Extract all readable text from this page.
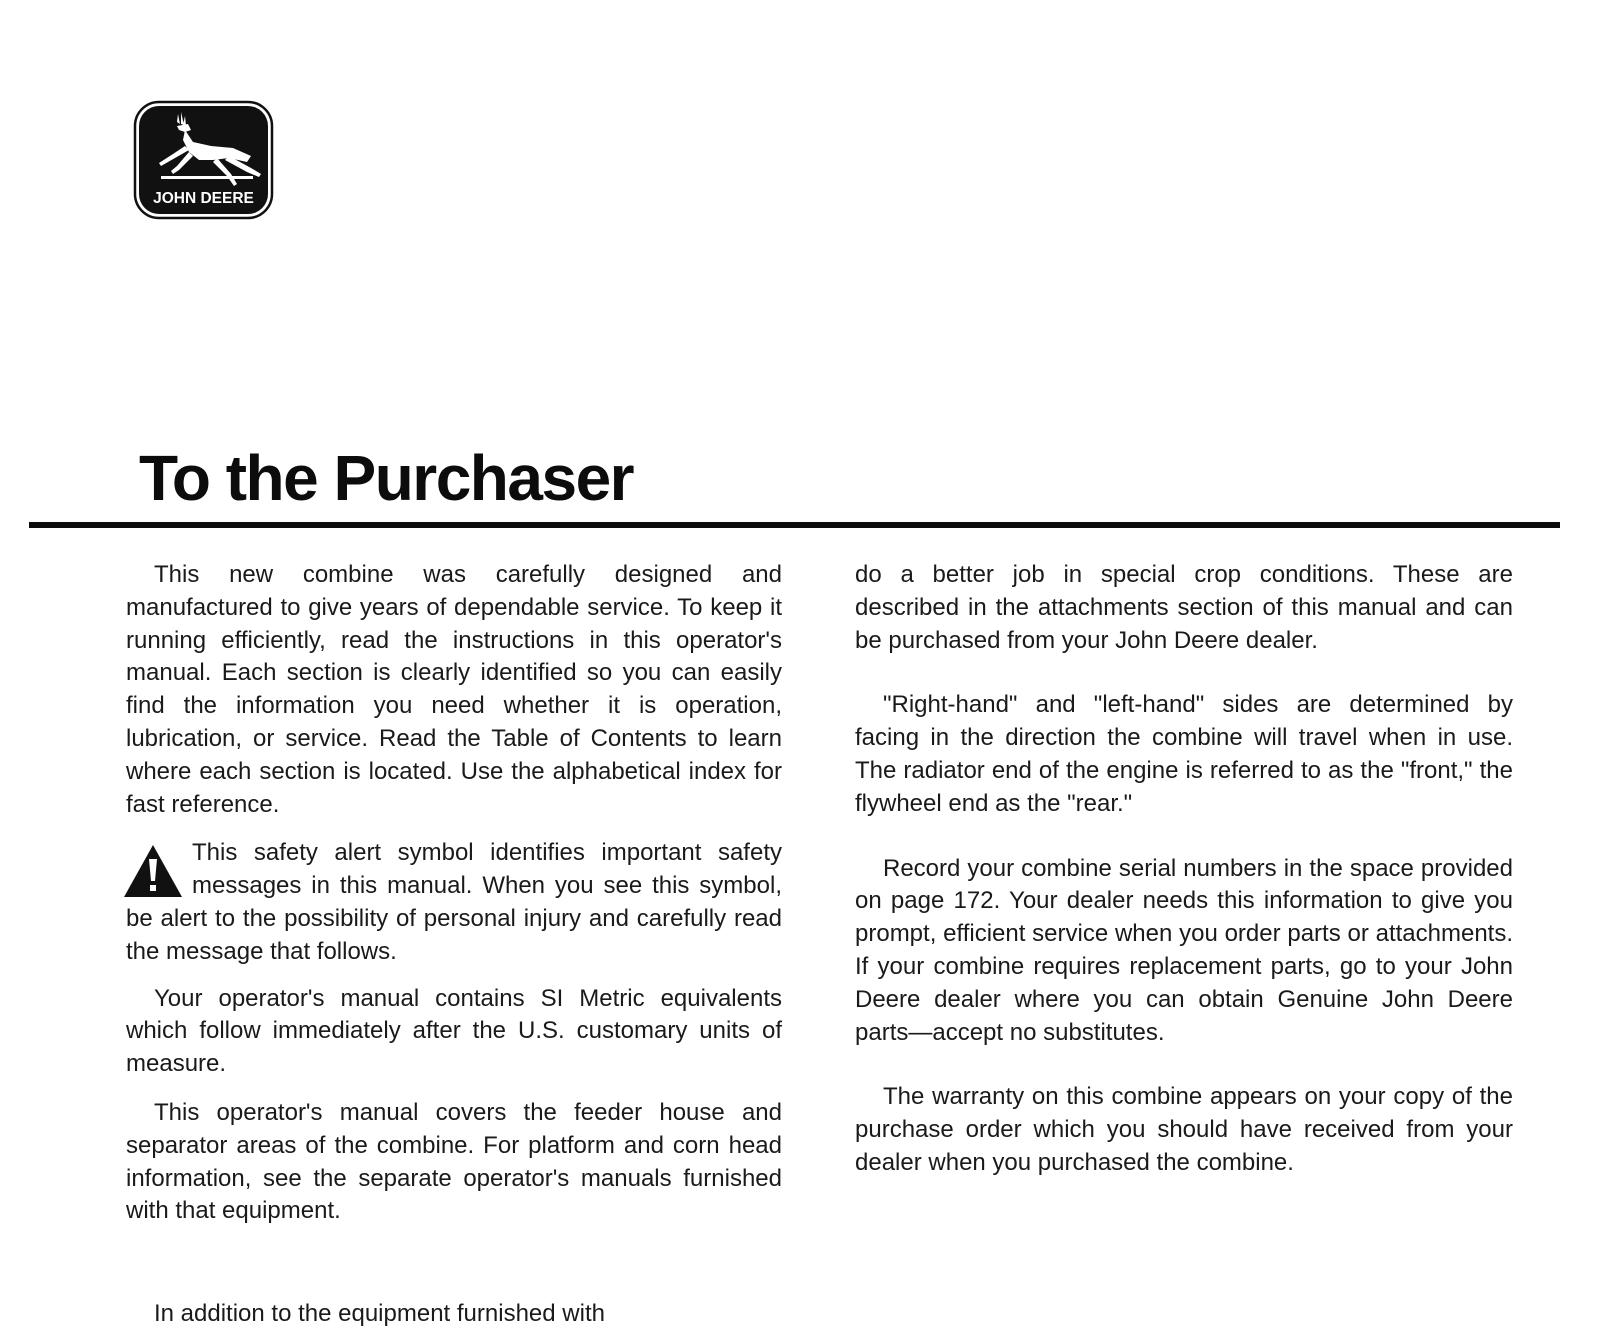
JOHN DEERE
To the Purchaser

This new combine was carefully designed and manufactured to give years of dependable service. To keep it running efficiently, read the instructions in this operator's manual. Each section is clearly identified so you can easily find the information you need whether it is operation, lubrication, or service. Read the Table of Contents to learn where each section is located. Use the alphabetical index for fast reference.

This safety alert symbol identifies important safety messages in this manual. When you see this symbol, be alert to the possibility of personal injury and carefully read the message that follows.

Your operator's manual contains SI Metric equivalents which follow immediately after the U.S. customary units of measure.

This operator's manual covers the feeder house and separator areas of the combine. For platform and corn head information, see the separate operator's manuals furnished with that equipment.

In addition to the equipment furnished with

do a better job in special crop conditions. These are described in the attachments section of this manual and can be purchased from your John Deere dealer.

"Right-hand" and "left-hand" sides are determined by facing in the direction the combine will travel when in use. The radiator end of the engine is referred to as the "front," the flywheel end as the "rear."

Record your combine serial numbers in the space provided on page 172. Your dealer needs this information to give you prompt, efficient service when you order parts or attachments. If your combine requires replacement parts, go to your John Deere dealer where you can obtain Genuine John Deere parts—accept no substitutes.

The warranty on this combine appears on your copy of the purchase order which you should have received from your dealer when you purchased the combine.
